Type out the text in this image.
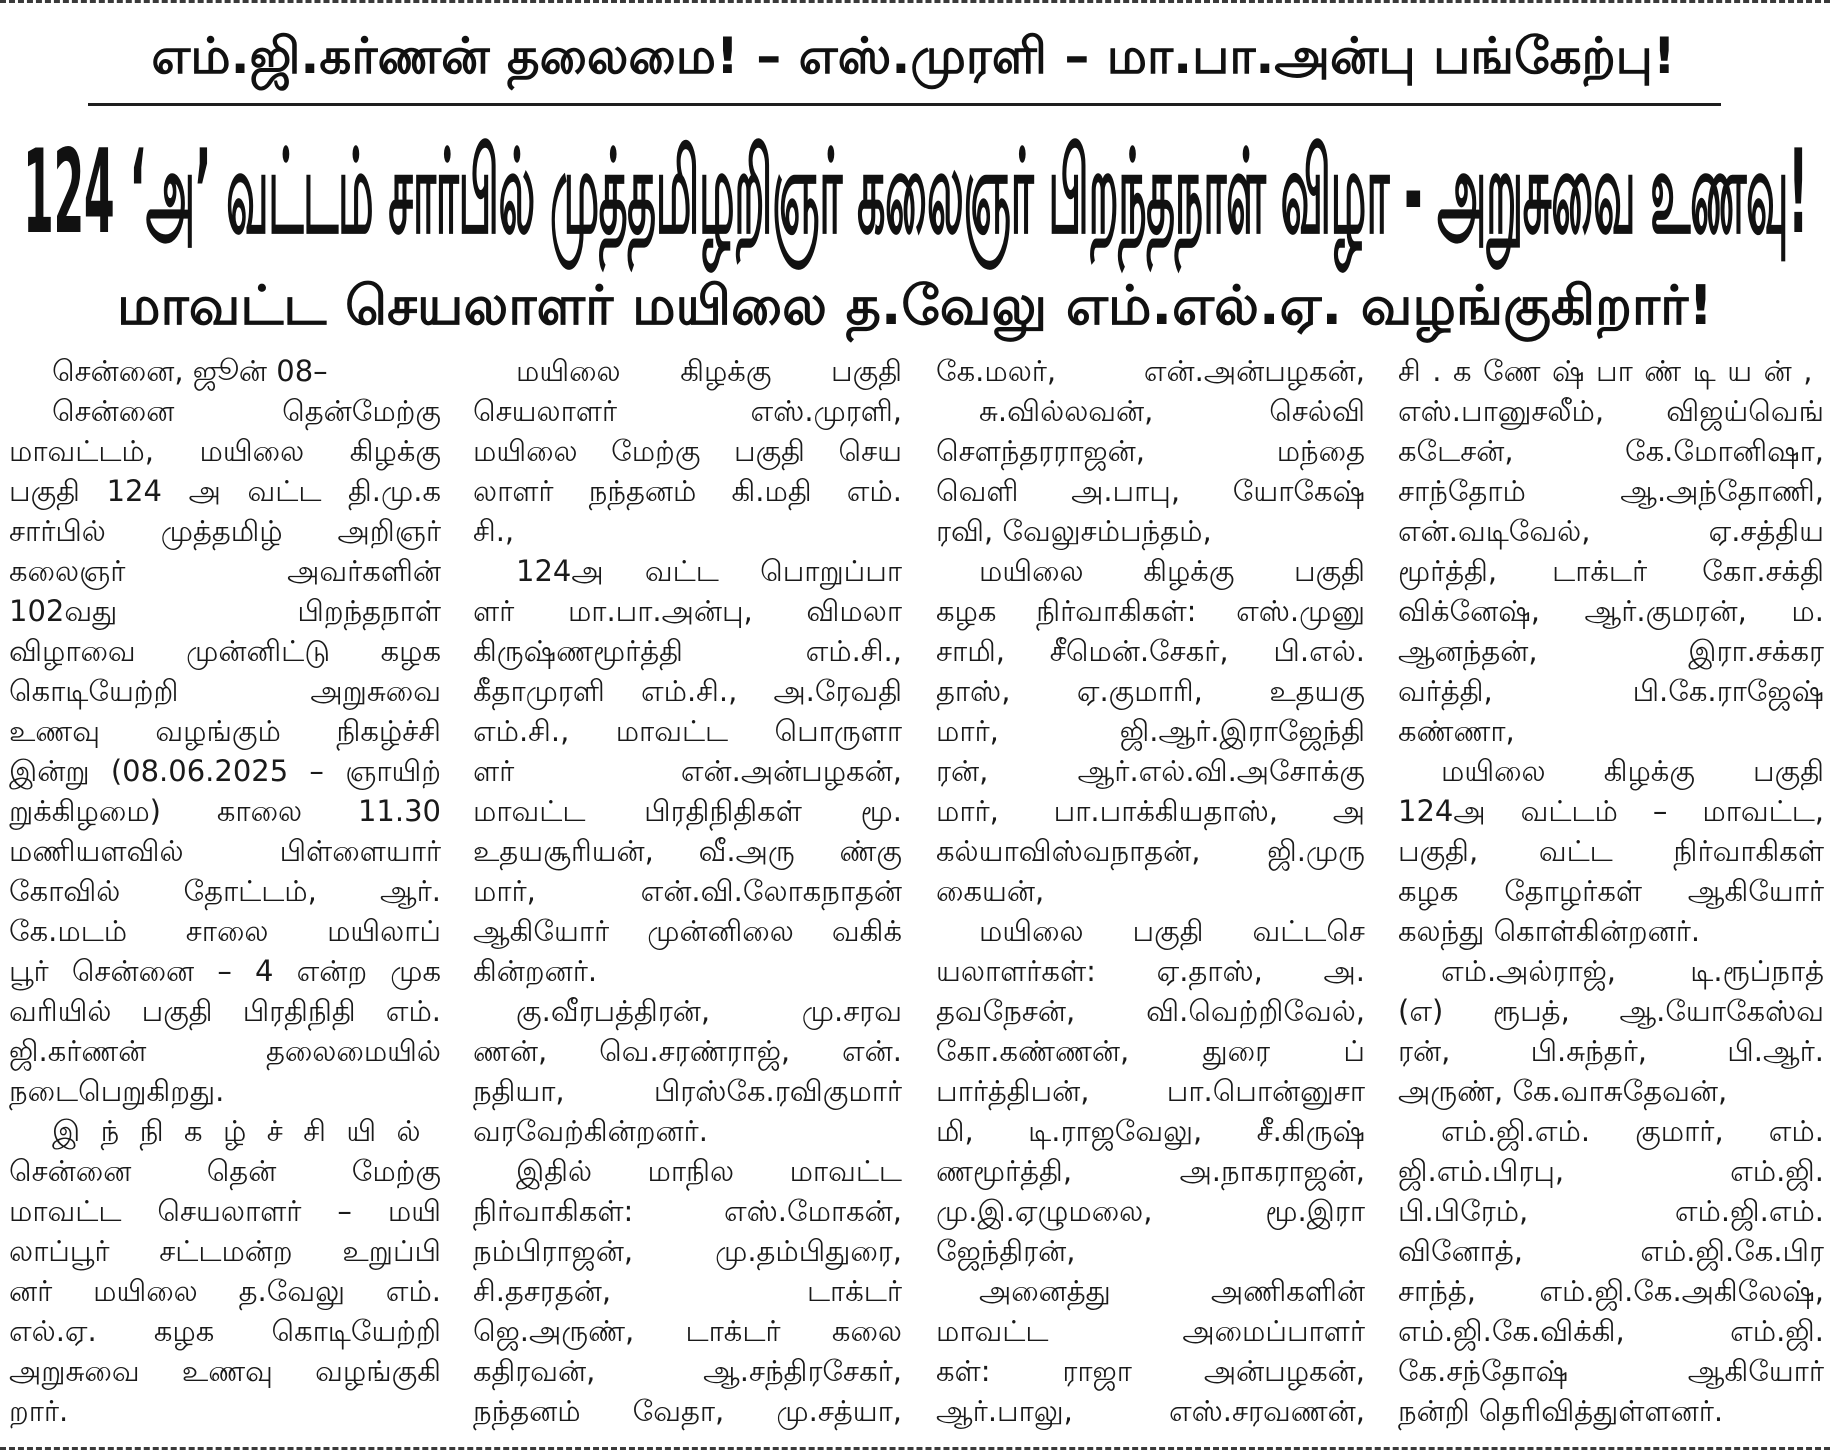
எம்.ஜி.கர்ணன் தலைமை! – எஸ்.முரளி – மா.பா.அன்பு பங்கேற்பு!
124 ‘அ’ வட்டம் சார்பில் முத்தமிழறிஞர் கலைஞர் பிறந்தநாள் விழா - அறுசுவை உணவு!
மாவட்ட செயலாளர் மயிலை த.வேலு எம்.எல்.ஏ. வழங்குகிறார்!
சென்னை, ஜூன் 08–
சென்னை தென்மேற்கு
மாவட்டம், மயிலை கிழக்கு
பகுதி 124 அ வட்ட தி.மு.க
சார்பில் முத்தமிழ் அறிஞர்
கலைஞர் அவர்களின்
102வது பிறந்தநாள்
விழாவை முன்னிட்டு கழக
கொடியேற்றி அறுசுவை
உணவு வழங்கும் நிகழ்ச்சி
இன்று (08.06.2025 – ஞாயிற்
றுக்கிழமை) காலை 11.30
மணியளவில் பிள்ளையார்
கோவில் தோட்டம், ஆர்.
கே.மடம் சாலை மயிலாப்
பூர் சென்னை – 4 என்ற முக
வரியில் பகுதி பிரதிநிதி எம்.
ஜி.கர்ணன் தலைமையில்
நடைபெறுகிறது.
இந்நிகழ்ச்சியில்
சென்னை தென் மேற்கு
மாவட்ட செயலாளர் – மயி
லாப்பூர் சட்டமன்ற உறுப்பி
னர் மயிலை த.வேலு எம்.
எல்.ஏ. கழக கொடியேற்றி
அறுசுவை உணவு வழங்குகி
றார்.
மயிலை கிழக்கு பகுதி
செயலாளர் எஸ்.முரளி,
மயிலை மேற்கு பகுதி செய
லாளர் நந்தனம் கி.மதி எம்.
சி.,
124அ வட்ட பொறுப்பா
ளர் மா.பா.அன்பு, விமலா
கிருஷ்ணமூர்த்தி எம்.சி.,
கீதாமுரளி எம்.சி., அ.ரேவதி
எம்.சி., மாவட்ட பொருளா
ளர் என்.அன்பழகன்,
மாவட்ட பிரதிநிதிகள் மூ.
உதயசூரியன், வீ.அரு ண்கு
மார், என்.வி.லோகநாதன்
ஆகியோர் முன்னிலை வகிக்
கின்றனர்.
கு.வீரபத்திரன், மு.சரவ
ணன், வெ.சரண்ராஜ், என்.
நதியா, பிரஸ்கே.ரவிகுமார்
வரவேற்கின்றனர்.
இதில் மாநில மாவட்ட
நிர்வாகிகள்: எஸ்.மோகன்,
நம்பிராஜன், மு.தம்பிதுரை,
சி.தசரதன், டாக்டர்
ஜெ.அருண், டாக்டர் கலை
கதிரவன், ஆ.சந்திரசேகர்,
நந்தனம் வேதா, மு.சத்யா,
கே.மலர், என்.அன்பழகன்,
சு.வில்லவன், செல்வி
சௌந்தரராஜன், மந்தை
வெளி அ.பாபு, யோகேஷ்
ரவி, வேலுசம்பந்தம்,
மயிலை கிழக்கு பகுதி
கழக நிர்வாகிகள்: எஸ்.முனு
சாமி, சீமென்.சேகர், பி.எல்.
தாஸ், ஏ.குமாரி, உதயகு
மார், ஜி.ஆர்.இராஜேந்தி
ரன், ஆர்.எல்.வி.அசோக்கு
மார், பா.பாக்கியதாஸ், அ
கல்யாவிஸ்வநாதன், ஜி.முரு
கையன்,
மயிலை பகுதி வட்டசெ
யலாளர்கள்: ஏ.தாஸ், அ.
தவநேசன், வி.வெற்றிவேல்,
கோ.கண்ணன், துரை ப்
பார்த்திபன், பா.பொன்னுசா
மி, டி.ராஜவேலு, சீ.கிருஷ்
ணமூர்த்தி, அ.நாகராஜன்,
மு.இ.ஏழுமலை, மூ.இரா
ஜேந்திரன்,
அனைத்து அணிகளின்
மாவட்ட அமைப்பாளர்
கள்: ராஜா அன்பழகன்,
ஆர்.பாலு, எஸ்.சரவணன்,
சி.கணேஷ்பாண்டியன்,
எஸ்.பானுசலீம், விஜய்வெங்
கடேசன், கே.மோனிஷா,
சாந்தோம் ஆ.அந்தோணி,
என்.வடிவேல், ஏ.சத்திய
மூர்த்தி, டாக்டர் கோ.சக்தி
விக்னேஷ், ஆர்.குமரன், ம.
ஆனந்தன், இரா.சக்கர
வர்த்தி, பி.கே.ராஜேஷ்
கண்ணா,
மயிலை கிழக்கு பகுதி
124அ வட்டம் – மாவட்ட,
பகுதி, வட்ட நிர்வாகிகள்
கழக தோழர்கள் ஆகியோர்
கலந்து கொள்கின்றனர்.
எம்.அல்ராஜ், டி.ரூப்நாத்
(எ) ரூபத், ஆ.யோகேஸ்வ
ரன், பி.சுந்தர், பி.ஆர்.
அருண், கே.வாசுதேவன்,
எம்.ஜி.எம். குமார், எம்.
ஜி.எம்.பிரபு, எம்.ஜி.
பி.பிரேம், எம்.ஜி.எம்.
வினோத், எம்.ஜி.கே.பிர
சாந்த், எம்.ஜி.கே.அகிலேஷ்,
எம்.ஜி.கே.விக்கி, எம்.ஜி.
கே.சந்தோஷ் ஆகியோர்
நன்றி தெரிவித்துள்ளனர்.
